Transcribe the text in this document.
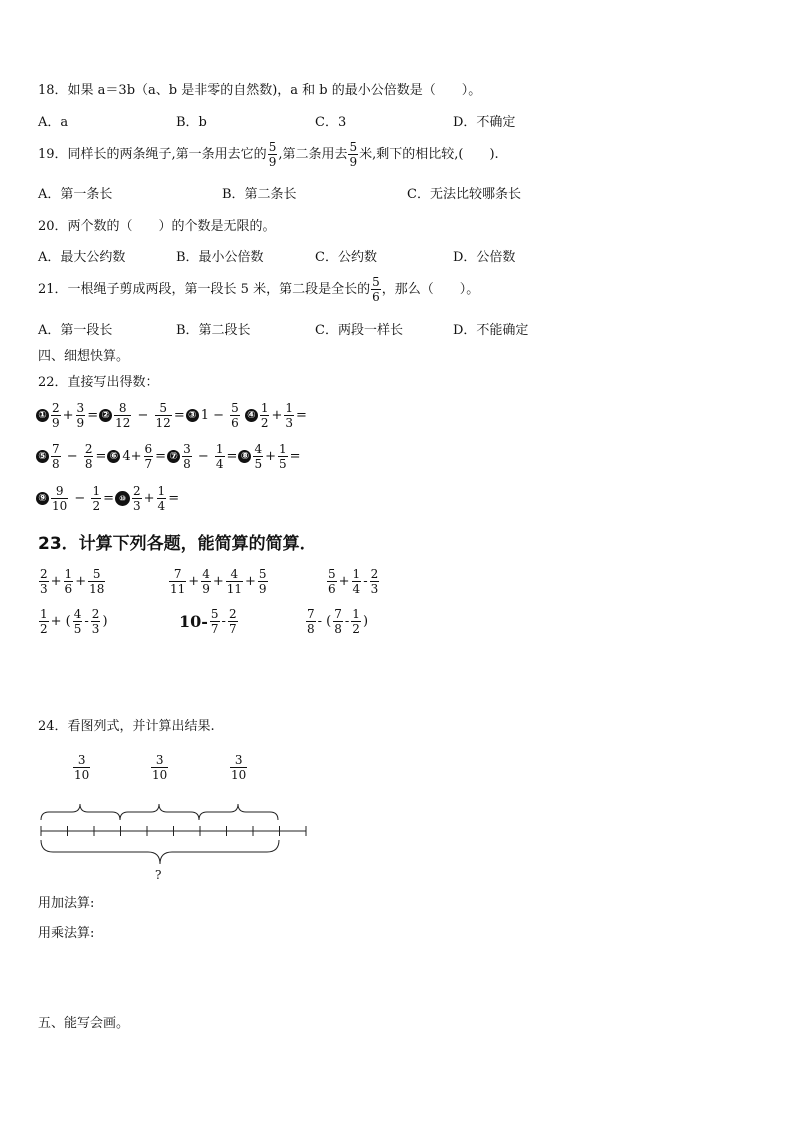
18．如果 a＝3b（a、b 是非零的自然数)，a 和 b 的最小公倍数是（　　）。
A．a	B．b	C．3	D．不确定
19．同样长的两条绳子,第一条用去它的 $\frac{5}{9}$ ,第二条用去 $\frac{5}{9}$ 米,剩下的相比较,(　　).
A．第一条长	B．第二条长	C．无法比较哪条长
20．两个数的（　　）的个数是无限的。
A．最大公约数	B．最小公倍数	C．公约数	D．公倍数
21．一根绳子剪成两段，第一段长 5 米，第二段是全长的 $\frac{5}{6}$ ，那么（　　）。
A．第一段长	B．第二段长	C．两段一样长	D．不能确定
四、细想快算。
22．直接写出得数：
① $\frac{2}{9} + \frac{3}{9}$ = ② $\frac{8}{12} - \frac{5}{12}$ = ③ $1 - \frac{5}{6}$ ④ $\frac{1}{2} + \frac{1}{3}$ =
⑤ $\frac{7}{8} - \frac{2}{8}$ = ⑥ $4+ \frac{6}{7}$ = ⑦ $\frac{3}{8} - \frac{1}{4}$ = ⑧ $\frac{4}{5} + \frac{1}{5}$ =
⑨ $\frac{9}{10} - \frac{1}{2}$ = ⑩ $\frac{2}{3} + \frac{1}{4}$ =
23．计算下列各题，能简算的简算．
$\frac{2}{3} + \frac{1}{6} + \frac{5}{18}$	$\frac{7}{11} + \frac{4}{9} + \frac{4}{11} + \frac{5}{9}$	$\frac{5}{6} + \frac{1}{4} - \frac{2}{3}$
$\frac{1}{2}$ + ( $\frac{4}{5} - \frac{2}{3}$ )	$10- \frac{5}{7} - \frac{2}{7}$	$\frac{7}{8}$ - ( $\frac{7}{8} - \frac{1}{2}$ )
24．看图列式，并计算出结果.
$\frac{3}{10}$	$\frac{3}{10}$	$\frac{3}{10}$
?
用加法算:
用乘法算:
五、能写会画。
